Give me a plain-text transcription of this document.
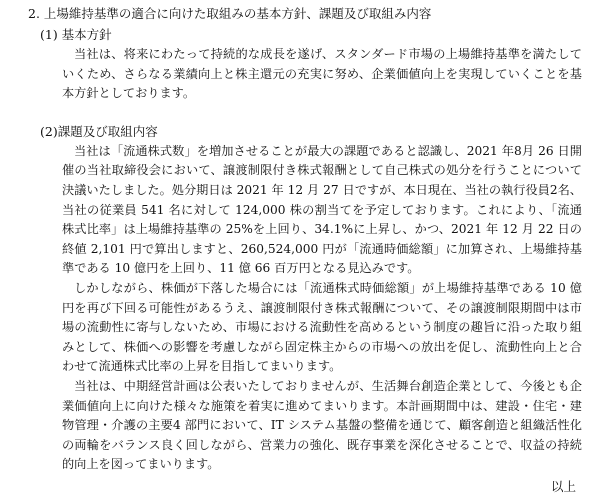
2. 上場維持基準の適合に向けた取組みの基本方針、課題及び取組み内容
(1) 基本方針

当社は、将来にわたって持続的な成長を遂げ、スタンダード市場の上場維持基準を満たしていくため、さらなる業績向上と株主還元の充実に努め、企業価値向上を実現していくことを基本方針としております。

(2)課題及び取組内容

当社は「流通株式数」を増加させることが最大の課題であると認識し、2021 年8月 26 日開催の当社取締役会において、譲渡制限付き株式報酬として自己株式の処分を行うことについて決議いたしました。処分期日は 2021 年 12 月 27 日ですが、本日現在、当社の執行役員2名、当社の従業員 541 名に対して 124,000 株の割当てを予定しております。これにより、「流通株式比率」は上場維持基準の 25%を上回り、34.1%に上昇し、かつ、2021 年 12 月 22 日の終値 2,101 円で算出しますと、260,524,000 円が「流通時価総額」に加算され、上場維持基準である 10 億円を上回り、11 億 66 百万円となる見込みです。

しかしながら、株価が下落した場合には「流通株式時価総額」が上場維持基準である 10 億円を再び下回る可能性があるうえ、譲渡制限付き株式報酬について、その譲渡制限期間中は市場の流動性に寄与しないため、市場における流動性を高めるという制度の趣旨に沿った取り組みとして、株価への影響を考慮しながら固定株主からの市場への放出を促し、流動性向上と合わせて流通株式比率の上昇を目指してまいります。

当社は、中期経営計画は公表いたしておりませんが、生活舞台創造企業として、今後とも企業価値向上に向けた様々な施策を着実に進めてまいります。本計画期間中は、建設・住宅・建物管理・介護の主要4 部門において、IT システム基盤の整備を通じて、顧客創造と組織活性化の両輪をバランス良く回しながら、営業力の強化、既存事業を深化させることで、収益の持続的向上を図ってまいります。

以上
